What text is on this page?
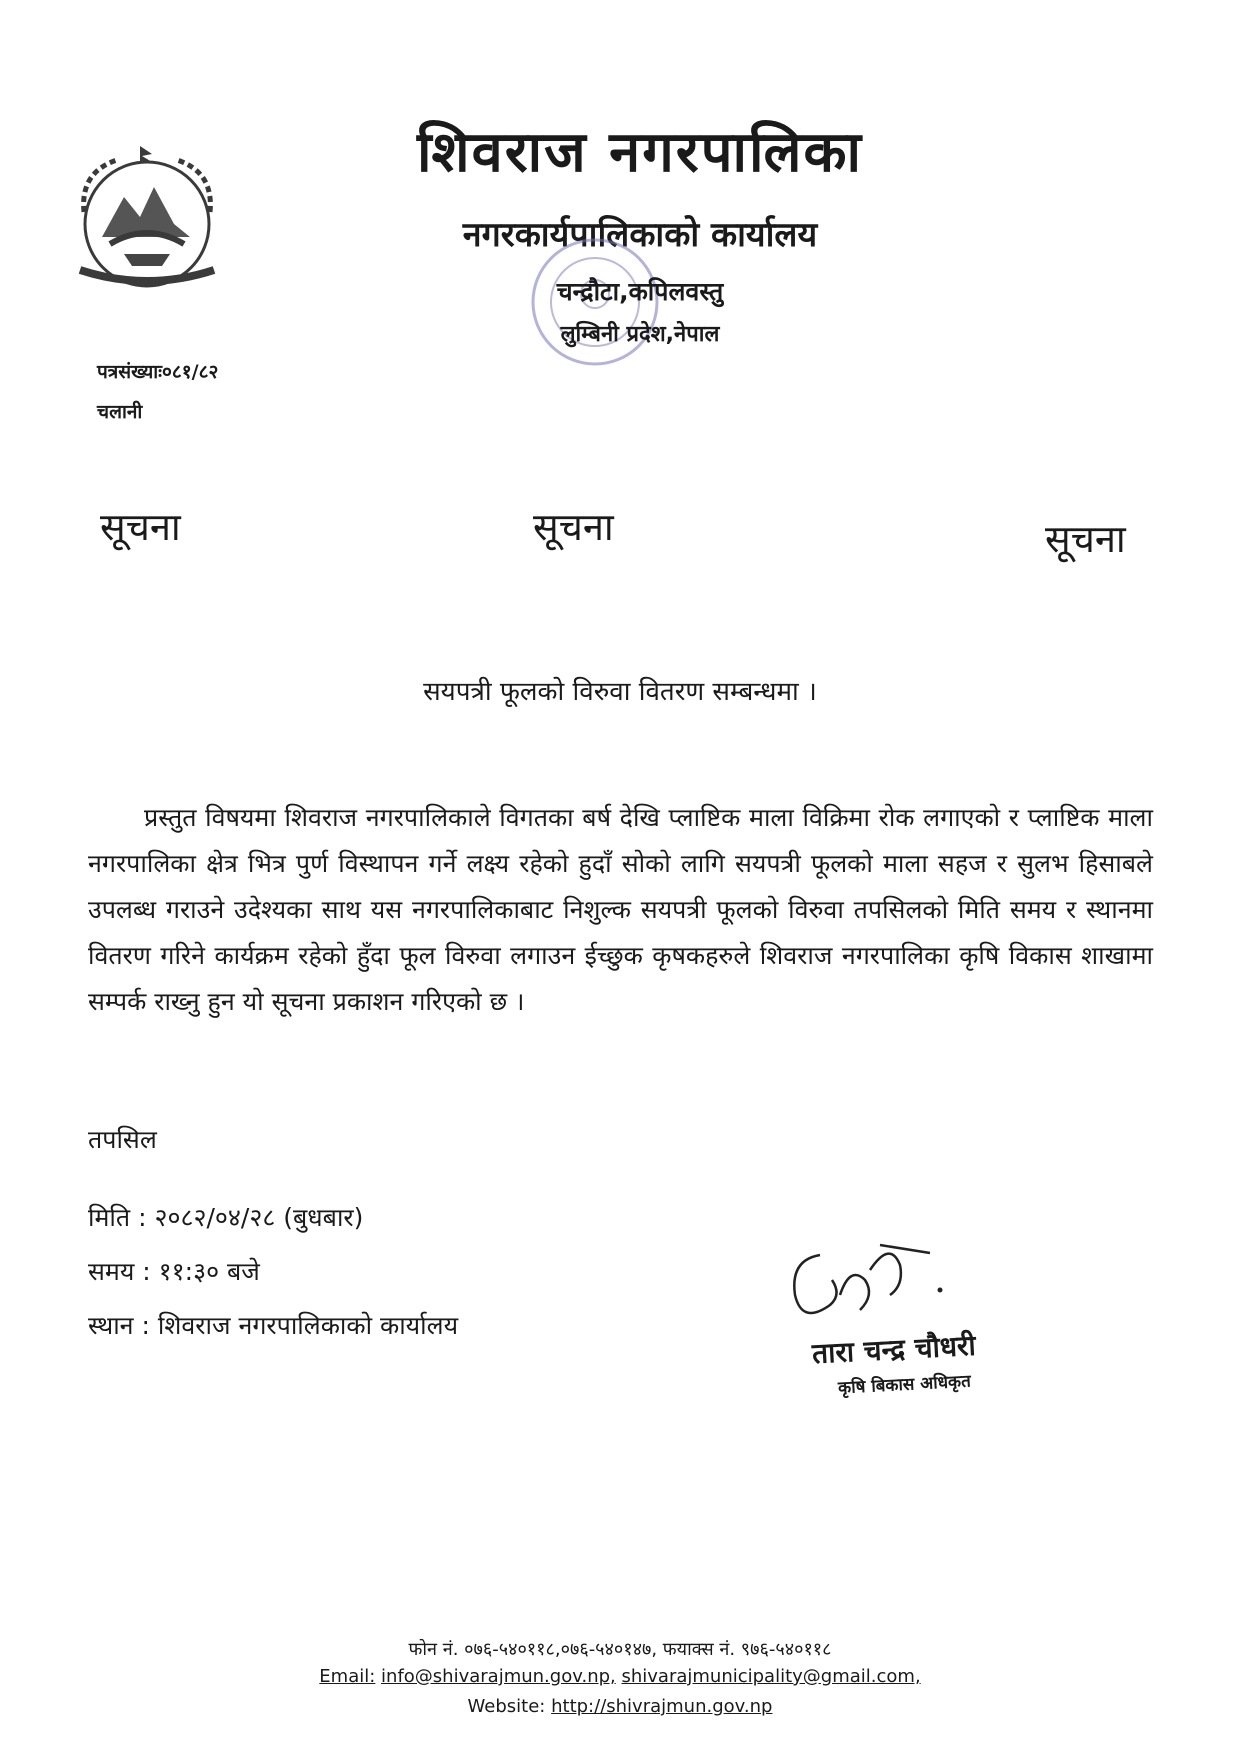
शिवराज नगरपालिका
नगरकार्यपालिकाको कार्यालय
चन्द्रौटा,कपिलवस्तु
लुम्बिनी प्रदेश,नेपाल
पत्रसंख्याः०८१/८२
चलानी
सूचना	सूचना	सूचना
सयपत्री फूलको विरुवा वितरण सम्बन्धमा ।
प्रस्तुत विषयमा शिवराज नगरपालिकाले विगतका बर्ष देखि प्लाष्टिक माला विक्रिमा रोक लगाएको र प्लाष्टिक माला नगरपालिका क्षेत्र भित्र पुर्ण विस्थापन गर्ने लक्ष्य रहेको हुदाँ सोको लागि सयपत्री फूलको माला सहज र सुलभ हिसाबले उपलब्ध गराउने उदेश्यका साथ यस नगरपालिकाबाट निशुल्क सयपत्री फूलको विरुवा तपसिलको मिति समय र स्थानमा वितरण गरिने कार्यक्रम रहेको हुँदा फूल विरुवा लगाउन ईच्छुक कृषकहरुले शिवराज नगरपालिका कृषि विकास शाखामा सम्पर्क राख्नु हुन यो सूचना प्रकाशन गरिएको छ ।
तपसिल
मिति : २०८२/०४/२८ (बुधबार)
समय : ११:३० बजे
स्थान : शिवराज नगरपालिकाको कार्यालय
तारा चन्द्र चौधरी
कृषि बिकास अधिकृत
फोन नं. ०७६-५४०११८,०७६-५४०१४७, फयाक्स नं. ९७६-५४०११८
Email: info@shivarajmun.gov.np, shivarajmunicipality@gmail.com,
Website: http://shivrajmun.gov.np
